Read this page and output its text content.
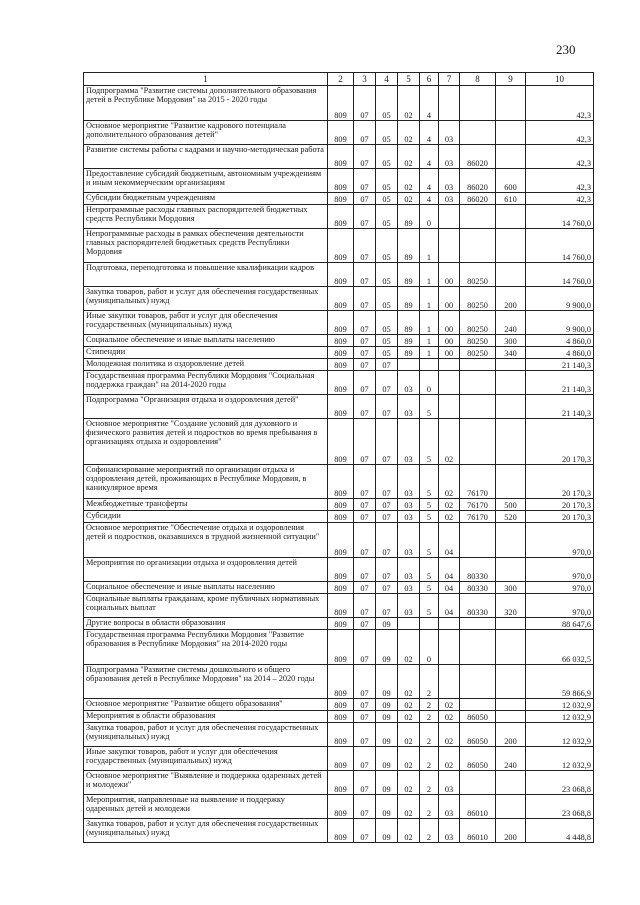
230
1	2	3	4	5	6	7	8	9	10
Подпрограмма "Развитие системы дополнительного образования детей в Республике Мордовия" на 2015 - 2020 годы	809	07	05	02	4				42,3
Основное мероприятие "Развитие кадрового потенциала дополнительного образования детей"	809	07	05	02	4	03			42,3
Развитие системы работы с кадрами и научно-методическая работа	809	07	05	02	4	03	86020		42,3
Предоставление субсидий бюджетным, автономным учреждениям и иным некоммерческим организациям	809	07	05	02	4	03	86020	600	42,3
Субсидии бюджетным учреждениям	809	07	05	02	4	03	86020	610	42,3
Непрограммные расходы главных распорядителей бюджетных средств Республики Мордовия	809	07	05	89	0				14 760,0
Непрограммные расходы в рамках обеспечения деятельности главных распорядителей бюджетных средств Республики Мордовия	809	07	05	89	1				14 760,0
Подготовка, переподготовка и повышение квалификации кадров	809	07	05	89	1	00	80250		14 760,0
Закупка товаров, работ и услуг для обеспечения государственных (муниципальных) нужд	809	07	05	89	1	00	80250	200	9 900,0
Иные закупки товаров, работ и услуг для обеспечения государственных (муниципальных) нужд	809	07	05	89	1	00	80250	240	9 900,0
Социальное обеспечение и иные выплаты населению	809	07	05	89	1	00	80250	300	4 860,0
Стипендии	809	07	05	89	1	00	80250	340	4 860,0
Молодежная политика и оздоровление детей	809	07	07						21 140,3
Государственная программа Республики Мордовия "Социальная поддержка граждан" на 2014-2020 годы	809	07	07	03	0				21 140,3
Подпрограмма "Организация отдыха и оздоровления детей"	809	07	07	03	5				21 140,3
Основное мероприятие "Создание условий для духовного и физического развития детей и подростков во время пребывания в организациях отдыха и оздоровления"	809	07	07	03	5	02			20 170,3
Софинансирование мероприятий по организации отдыха и оздоровления детей, проживающих в Республике Мордовия, в каникулярное время	809	07	07	03	5	02	76170		20 170,3
Межбюджетные трансферты	809	07	07	03	5	02	76170	500	20 170,3
Субсидии	809	07	07	03	5	02	76170	520	20 170,3
Основное мероприятие "Обеспечение отдыха и оздоровления детей и подростков, оказавшихся в трудной жизненной ситуации"	809	07	07	03	5	04			970,0
Мероприятия по организации отдыха и оздоровления детей	809	07	07	03	5	04	80330		970,0
Социальное обеспечение и иные выплаты населению	809	07	07	03	5	04	80330	300	970,0
Социальные выплаты гражданам, кроме публичных нормативных социальных выплат	809	07	07	03	5	04	80330	320	970,0
Другие вопросы в области образования	809	07	09						88 647,6
Государственная программа Республики Мордовия "Развитие образования в Республике Мордовия" на 2014-2020 годы	809	07	09	02	0				66 032,5
Подпрограмма "Развитие системы дошкольного и общего образования детей в Республике Мордовия" на 2014 – 2020 годы	809	07	09	02	2				59 866,9
Основное мероприятие "Развитие общего образования"	809	07	09	02	2	02			12 032,9
Мероприятия в области образования	809	07	09	02	2	02	86050		12 032,9
Закупка товаров, работ и услуг для обеспечения государственных (муниципальных) нужд	809	07	09	02	2	02	86050	200	12 032,9
Иные закупки товаров, работ и услуг для обеспечения государственных (муниципальных) нужд	809	07	09	02	2	02	86050	240	12 032,9
Основное мероприятие "Выявление и поддержка одаренных детей и молодежи"	809	07	09	02	2	03			23 068,8
Мероприятия, направленные на выявление и поддержку одаренных детей и молодежи	809	07	09	02	2	03	86010		23 068,8
Закупка товаров, работ и услуг для обеспечения государственных (муниципальных) нужд	809	07	09	02	2	03	86010	200	4 448,8
